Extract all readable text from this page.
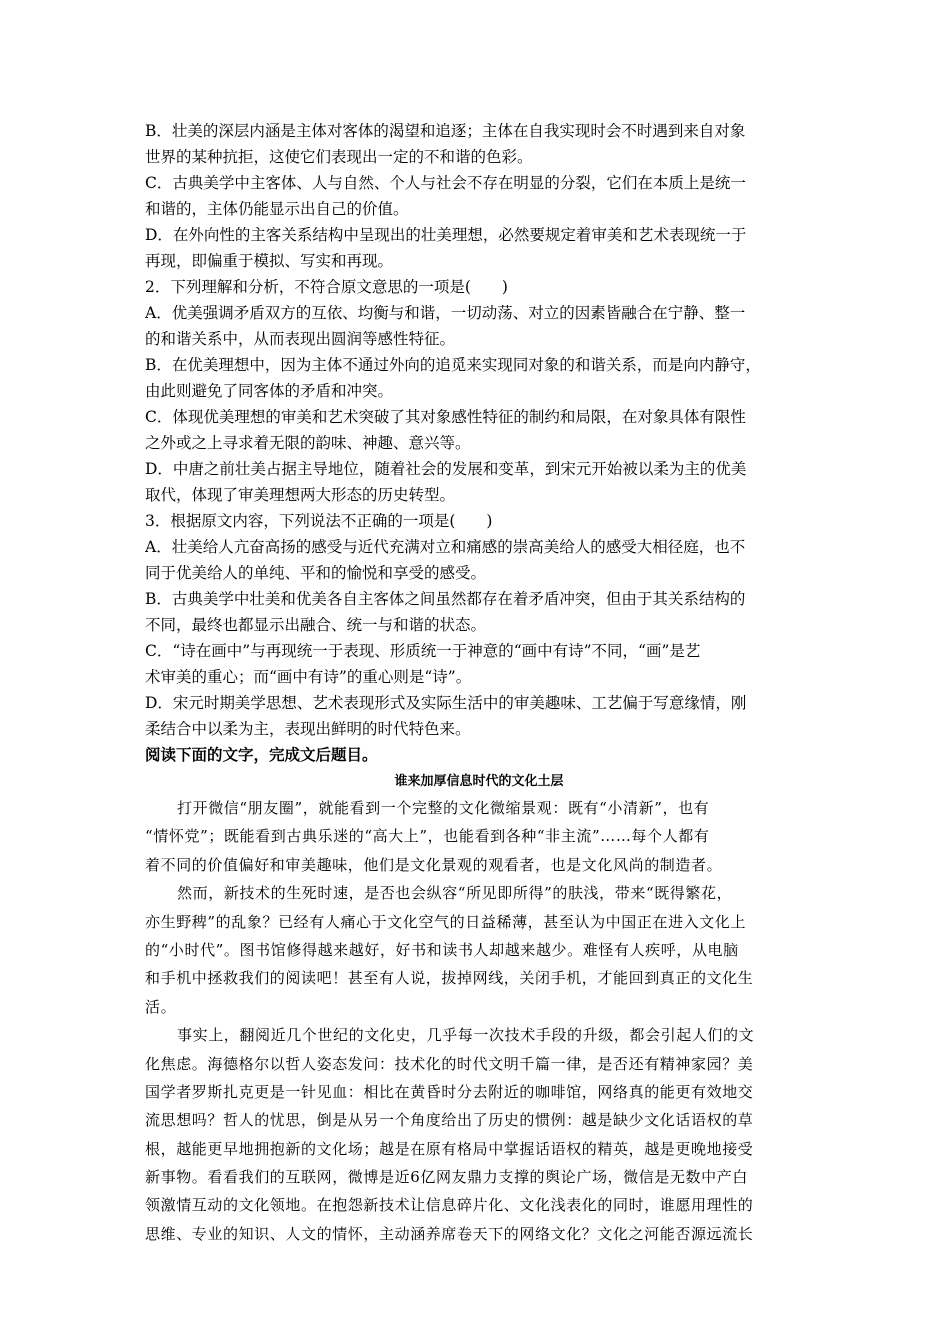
B．壮美的深层内涵是主体对客体的渴望和追逐；主体在自我实现时会不时遇到来自对象
世界的某种抗拒，这使它们表现出一定的不和谐的色彩。
C．古典美学中主客体、人与自然、个人与社会不存在明显的分裂，它们在本质上是统一
和谐的，主体仍能显示出自己的价值。
D．在外向性的主客关系结构中呈现出的壮美理想，必然要规定着审美和艺术表现统一于
再现，即偏重于模拟、写实和再现。
2．下列理解和分析，不符合原文意思的一项是(　　)
A．优美强调矛盾双方的互依、均衡与和谐，一切动荡、对立的因素皆融合在宁静、整一
的和谐关系中，从而表现出圆润等感性特征。
B．在优美理想中，因为主体不通过外向的追觅来实现同对象的和谐关系，而是向内静守，
由此则避免了同客体的矛盾和冲突。
C．体现优美理想的审美和艺术突破了其对象感性特征的制约和局限，在对象具体有限性
之外或之上寻求着无限的韵味、神趣、意兴等。
D．中唐之前壮美占据主导地位，随着社会的发展和变革，到宋元开始被以柔为主的优美
取代，体现了审美理想两大形态的历史转型。
3．根据原文内容，下列说法不正确的一项是(　　)
A．壮美给人亢奋高扬的感受与近代充满对立和痛感的崇高美给人的感受大相径庭，也不
同于优美给人的单纯、平和的愉悦和享受的感受。
B．古典美学中壮美和优美各自主客体之间虽然都存在着矛盾冲突，但由于其关系结构的
不同，最终也都显示出融合、统一与和谐的状态。
C．“诗在画中”与再现统一于表现、形质统一于神意的“画中有诗”不同，“画”是艺
术审美的重心；而“画中有诗”的重心则是“诗”。
D．宋元时期美学思想、艺术表现形式及实际生活中的审美趣味、工艺偏于写意缘情，刚
柔结合中以柔为主，表现出鲜明的时代特色来。
阅读下面的文字，完成文后题目。
谁来加厚信息时代的文化土层
打开微信“朋友圈”，就能看到一个完整的文化微缩景观：既有“小清新”，也有
“情怀党”；既能看到古典乐迷的“高大上”，也能看到各种“非主流”……每个人都有
着不同的价值偏好和审美趣味，他们是文化景观的观看者，也是文化风尚的制造者。
然而，新技术的生死时速，是否也会纵容“所见即所得”的肤浅，带来“既得繁花，
亦生野稗”的乱象？已经有人痛心于文化空气的日益稀薄，甚至认为中国正在进入文化上
的“小时代”。图书馆修得越来越好，好书和读书人却越来越少。难怪有人疾呼，从电脑
和手机中拯救我们的阅读吧！甚至有人说，拔掉网线，关闭手机，才能回到真正的文化生
活。
事实上，翻阅近几个世纪的文化史，几乎每一次技术手段的升级，都会引起人们的文
化焦虑。海德格尔以哲人姿态发问：技术化的时代文明千篇一律，是否还有精神家园？美
国学者罗斯扎克更是一针见血：相比在黄昏时分去附近的咖啡馆，网络真的能更有效地交
流思想吗？哲人的忧思，倒是从另一个角度给出了历史的惯例：越是缺少文化话语权的草
根，越能更早地拥抱新的文化场；越是在原有格局中掌握话语权的精英，越是更晚地接受
新事物。看看我们的互联网，微博是近6亿网友鼎力支撑的舆论广场，微信是无数中产白
领激情互动的文化领地。在抱怨新技术让信息碎片化、文化浅表化的同时，谁愿用理性的
思维、专业的知识、人文的情怀，主动涵养席卷天下的网络文化？文化之河能否源远流长
